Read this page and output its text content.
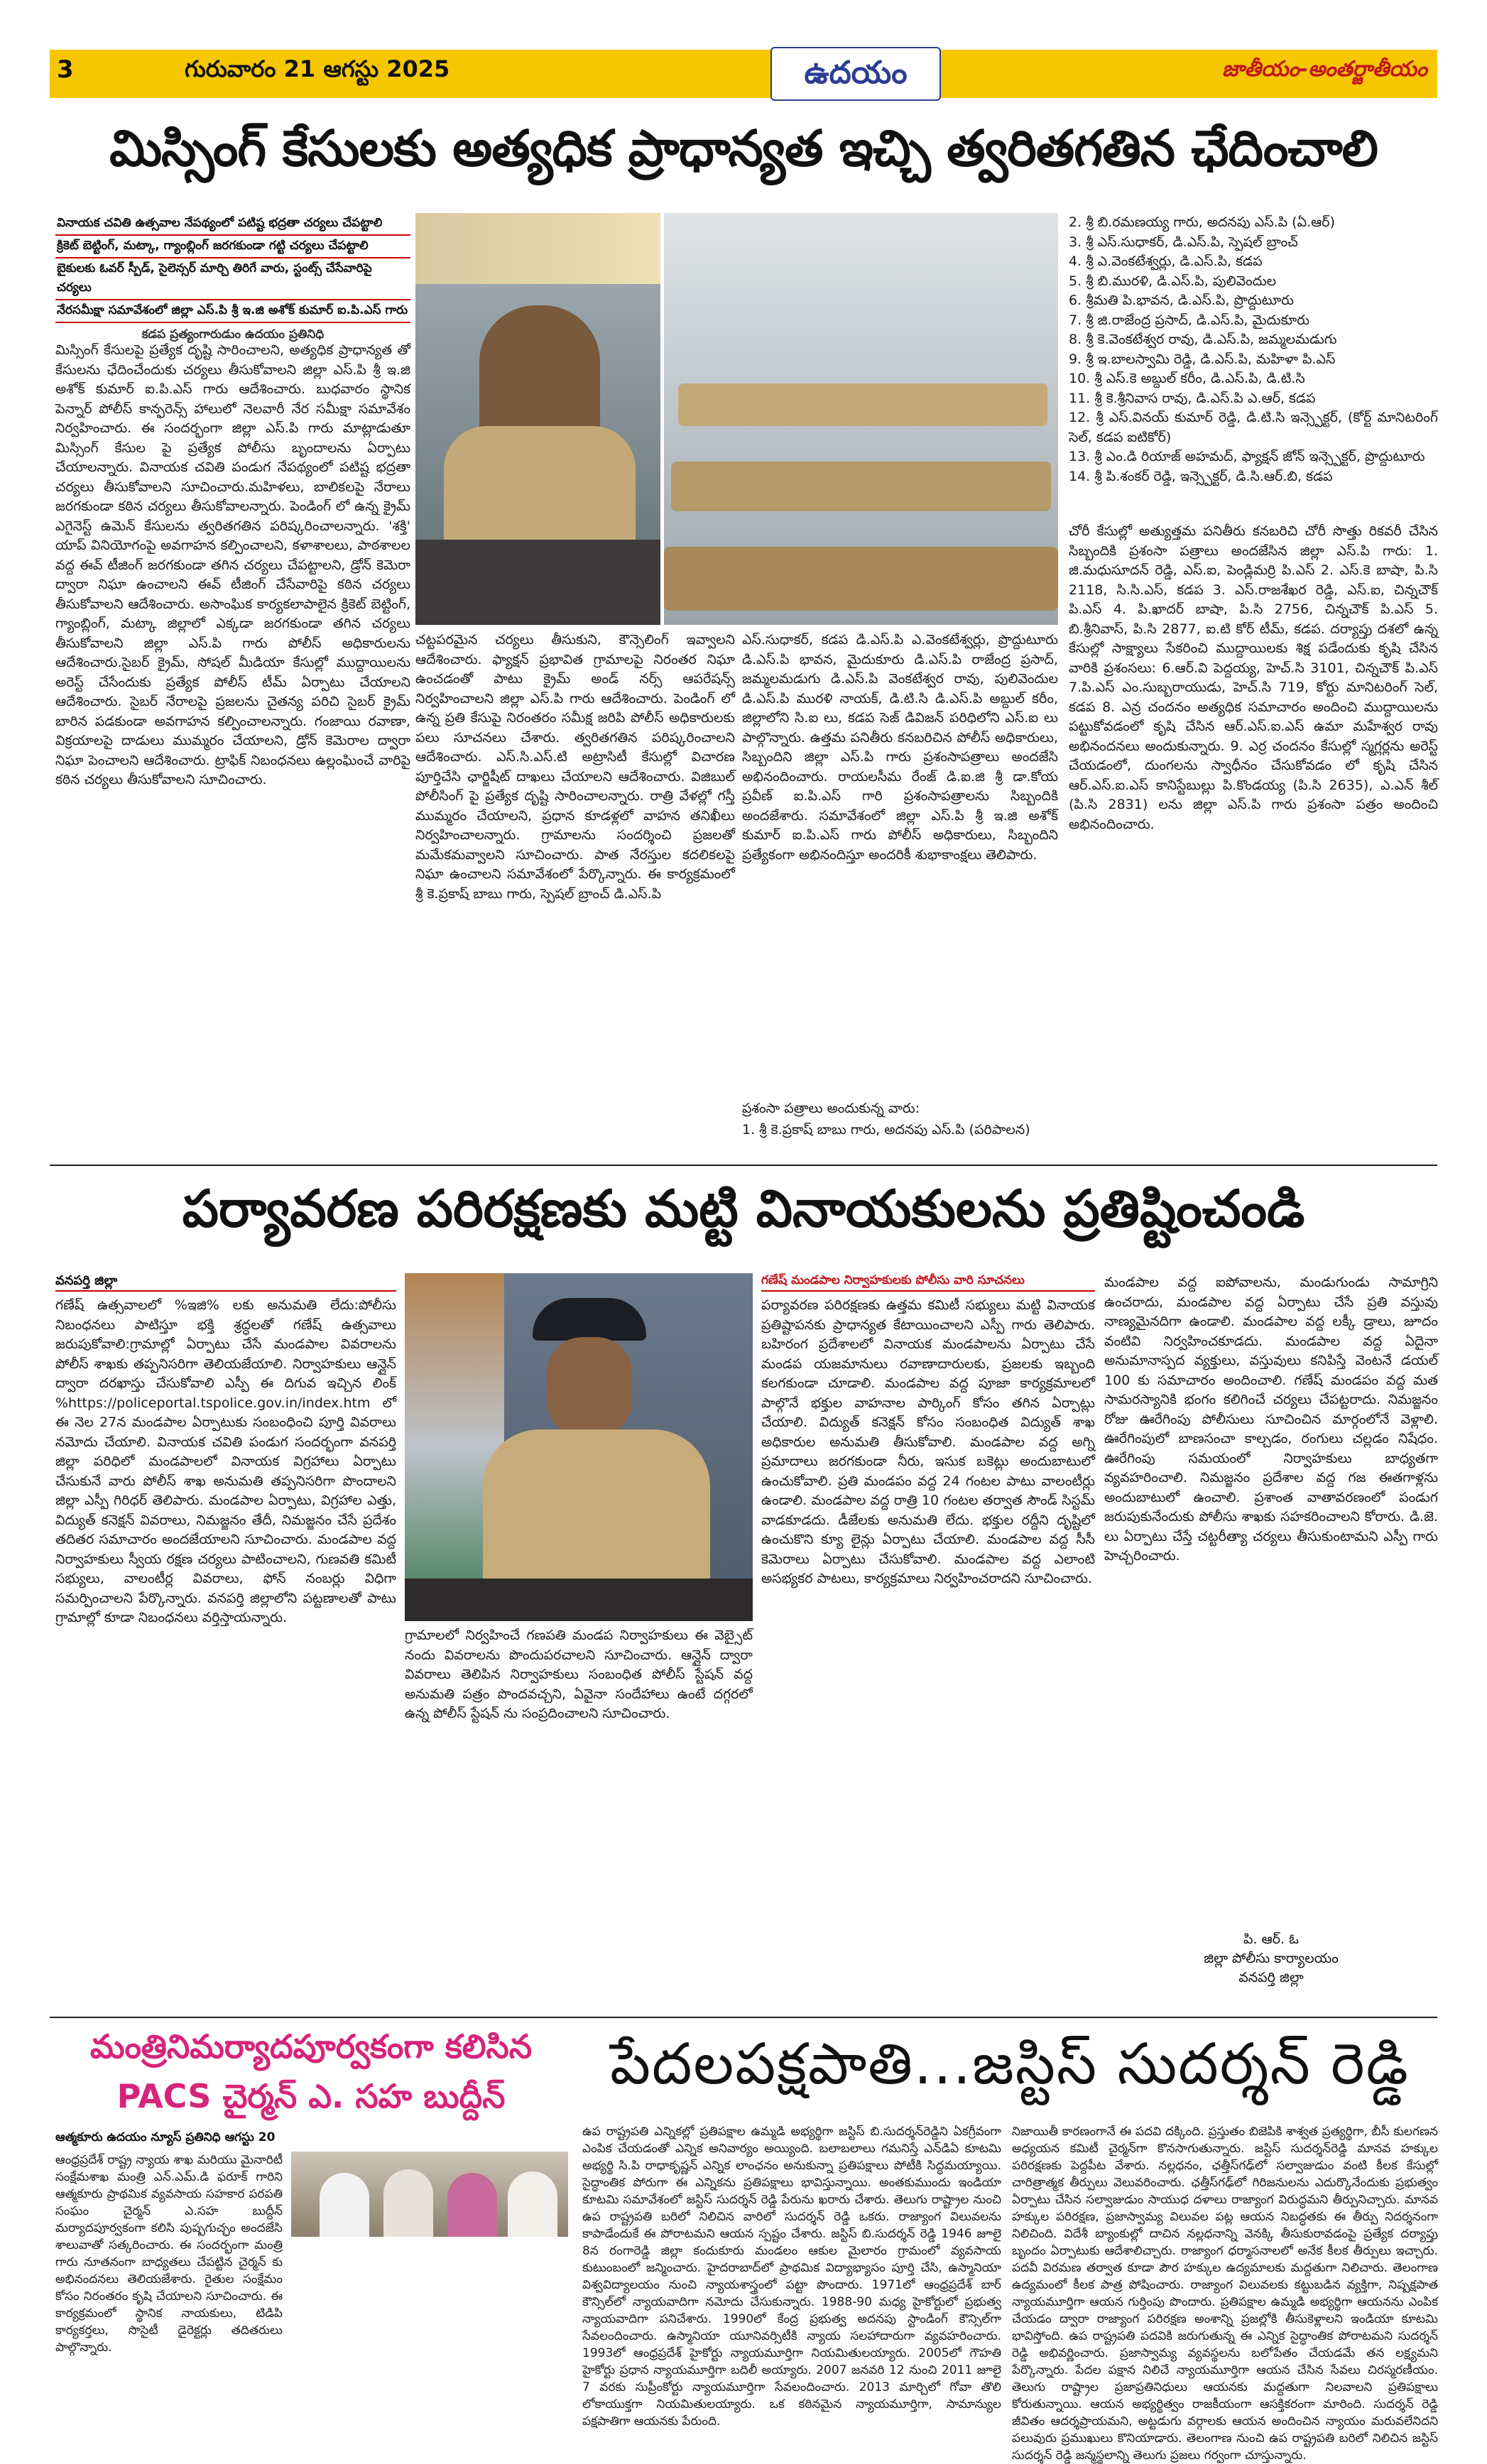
3	గురువారం 21 ఆగస్టు 2025	ఉదయం	జాతీయం-అంతర్జాతీయం
మిస్సింగ్ కేసులకు అత్యధిక ప్రాధాన్యత ఇచ్చి త్వరితగతిన ఛేదించాలి
వినాయక చవితి ఉత్సవాల నేపథ్యంలో పటిష్ట భద్రతా చర్యలు చేపట్టాలి
క్రికెట్ బెట్టింగ్, మట్కా, గ్యాంబ్లింగ్ జరగకుండా గట్టి చర్యలు చేపట్టాలి
బైకులకు ఓవర్ స్పీడ్, సైలెన్సర్ మార్చి తిరిగే వారు, స్టంట్స్ చేసేవారిపై చర్యలు
నేరసమీక్షా సమావేశంలో జిల్లా ఎస్.పి శ్రీ ఇ.జి అశోక్ కుమార్ ఐ.పి.ఎస్ గారు
కడప ప్రత్యంగారుడుం ఉదయం ప్రతినిధి
మిస్సింగ్ కేసులపై ప్రత్యేక దృష్టి సారించాలని, అత్యధిక ప్రాధాన్యత తో కేసులను ఛేదించేందుకు చర్యలు తీసుకోవాలని జిల్లా ఎస్.పి శ్రీ ఇ.జి అశోక్ కుమార్ ఐ.పి.ఎస్ గారు ఆదేశించారు. బుధవారం స్థానిక పెన్నార్ పోలీస్ కాన్ఫరెన్స్ హాలులో నెలవారీ నేర సమీక్షా సమావేశం నిర్వహించారు. ఈ సందర్భంగా జిల్లా ఎస్.పి గారు మాట్లాడుతూ మిస్సింగ్ కేసుల పై ప్రత్యేక పోలీసు బృందాలను ఏర్పాటు చేయాలన్నారు. వినాయక చవితి పండుగ నేపథ్యంలో పటిష్ట భద్రతా చర్యలు తీసుకోవాలని సూచించారు.మహిళలు, బాలికలపై నేరాలు జరగకుండా కఠిన చర్యలు తీసుకోవాలన్నారు. పెండింగ్ లో ఉన్న క్రైమ్ ఎగైనెస్ట్ ఉమెన్ కేసులను త్వరితగతిన పరిష్కరించాలన్నారు. 'శక్తి' యాప్ వినియోగంపై అవగాహన కల్పించాలని, కళాశాలలు, పాఠశాలల వద్ద ఈవ్ టీజింగ్ జరగకుండా తగిన చర్యలు చేపట్టాలని, డ్రోన్ కెమెరా ద్వారా నిఘా ఉంచాలని ఈవ్ టీజింగ్ చేసేవారిపై కఠిన చర్యలు తీసుకోవాలని ఆదేశించారు. అసాంఘిక కార్యకలాపాలైన క్రికెట్ బెట్టింగ్, గ్యాంబ్లింగ్, మట్కా జిల్లాలో ఎక్కడా జరగకుండా తగిన చర్యలు తీసుకోవాలని జిల్లా ఎస్.పి గారు పోలీస్ అధికారులను ఆదేశించారు.సైబర్ క్రైమ్, సోషల్ మీడియా కేసుల్లో ముద్దాయిలను అరెస్ట్ చేసేందుకు ప్రత్యేక పోలీస్ టీమ్ ఏర్పాటు చేయాలని ఆదేశించారు. సైబర్ నేరాలపై ప్రజలను చైతన్య పరిచి సైబర్ క్రైమ్ బారిన పడకుండా అవగాహన కల్పించాలన్నారు. గంజాయి రవాణా, విక్రయాలపై దాడులు ముమ్మరం చేయాలని, డ్రోన్ కెమెరాల ద్వారా నిఘా పెంచాలని ఆదేశించారు. ట్రాఫిక్ నిబంధనలు ఉల్లంఘించే వారిపై కఠిన చర్యలు తీసుకోవాలని సూచించారు.
చట్టపరమైన చర్యలు తీసుకుని, కౌన్సెలింగ్ ఇవ్వాలని ఆదేశించారు. ఫ్యాక్షన్ ప్రభావిత గ్రామాలపై నిరంతర నిఘా ఉంచడంతో పాటు క్రైమ్ అండ్ నర్స్ ఆపరేషన్స్ నిర్వహించాలని జిల్లా ఎస్.పి గారు ఆదేశించారు. పెండింగ్ లో ఉన్న ప్రతి కేసుపై నిరంతరం సమీక్ష జరిపి పోలీస్ అధికారులకు పలు సూచనలు చేశారు. త్వరితగతిన పరిష్కరించాలని ఆదేశించారు. ఎస్.సి.ఎస్.టి అట్రాసిటీ కేసుల్లో విచారణ పూర్తిచేసి ఛార్జిషీట్ దాఖలు చేయాలని ఆదేశించారు. విజిబుల్ పోలీసింగ్ పై ప్రత్యేక దృష్టి సారించాలన్నారు. రాత్రి వేళల్లో గస్తీ ముమ్మరం చేయాలని, ప్రధాన కూడళ్లలో వాహన తనిఖీలు నిర్వహించాలన్నారు. గ్రామాలను సందర్శించి ప్రజలతో మమేకమవ్వాలని సూచించారు. పాత నేరస్తుల కదలికలపై నిఘా ఉంచాలని సమావేశంలో పేర్కొన్నారు. ఈ కార్యక్రమంలో శ్రీ కె.ప్రకాష్ బాబు గారు, స్పెషల్ బ్రాంచ్ డి.ఎస్.పి
ఎస్.సుధాకర్, కడప డి.ఎస్.పి ఎ.వెంకటేశ్వర్లు, ప్రొద్దుటూరు డి.ఎస్.పి భావన, మైదుకూరు డి.ఎస్.పి రాజేంద్ర ప్రసాద్, జమ్మలమడుగు డి.ఎస్.పి వెంకటేశ్వర రావు, పులివెందుల డి.ఎస్.పి మురళి నాయక్, డి.టి.సి డి.ఎస్.పి అబ్దుల్ కరీం, జిల్లాలోని సి.ఐ లు, కడప సెజ్ డివిజన్ పరిధిలోని ఎస్.ఐ లు పాల్గొన్నారు. ఉత్తమ పనితీరు కనబరిచిన పోలీస్ అధికారులు, సిబ్బందిని జిల్లా ఎస్.పి గారు ప్రశంసాపత్రాలు అందజేసి అభినందించారు. రాయలసీమ రేంజ్ డి.ఐ.జి శ్రీ డా.కోయ ప్రవీణ్ ఐ.పి.ఎస్ గారి ప్రశంసాపత్రాలను సిబ్బందికి అందజేశారు. సమావేశంలో జిల్లా ఎస్.పి శ్రీ ఇ.జి అశోక్ కుమార్ ఐ.పి.ఎస్ గారు పోలీస్ అధికారులు, సిబ్బందిని ప్రత్యేకంగా అభినందిస్తూ అందరికీ శుభాకాంక్షలు తెలిపారు.
ప్రశంసా పత్రాలు అందుకున్న వారు:
1. శ్రీ కె.ప్రకాష్ బాబు గారు, అదనపు ఎస్.పి (పరిపాలన)
2. శ్రీ బి.రమణయ్య గారు, అదనపు ఎస్.పి (ఏ.ఆర్)
3. శ్రీ ఎస్.సుధాకర్, డి.ఎస్.పి, స్పెషల్ బ్రాంచ్
4. శ్రీ ఎ.వెంకటేశ్వర్లు, డి.ఎస్.పి, కడప
5. శ్రీ బి.మురళి, డి.ఎస్.పి, పులివెందుల
6. శ్రీమతి పి.భావన, డి.ఎస్.పి, ప్రొద్దుటూరు
7. శ్రీ జి.రాజేంద్ర ప్రసాద్, డి.ఎస్.పి, మైదుకూరు
8. శ్రీ కె.వెంకటేశ్వర రావు, డి.ఎస్.పి, జమ్మలమడుగు
9. శ్రీ ఇ.బాలస్వామి రెడ్డి, డి.ఎస్.పి, మహిళా పి.ఎస్
10. శ్రీ ఎస్.కె అబ్దుల్ కరీం, డి.ఎస్.పి, డి.టి.సి
11. శ్రీ కె.శ్రీనివాస రావు, డి.ఎస్.పి ఎ.ఆర్, కడప
12. శ్రీ ఎస్.వినయ్ కుమార్ రెడ్డి, డి.టి.సి ఇన్స్పెక్టర్, (కోర్ట్ మానిటరింగ్ సెల్, కడప ఐటికోర్)
13. శ్రీ ఎం.డి రియాజ్ అహమద్, ఫ్యాక్షన్ జోన్ ఇన్స్పెక్టర్, ప్రొద్దుటూరు
14. శ్రీ పి.శంకర్ రెడ్డి, ఇన్స్పెక్టర్, డి.సి.ఆర్.బి, కడప
చోరీ కేసుల్లో అత్యుత్తమ పనితీరు కనబరిచి చోరీ సొత్తు రికవరీ చేసిన సిబ్బందికి ప్రశంసా పత్రాలు అందజేసిన జిల్లా ఎస్.పి గారు: 1. జి.మధుసూదన్ రెడ్డి, ఎస్.ఐ, పెండ్లిమర్రి పి.ఎస్ 2. ఎస్.కె బాషా, పి.సి 2118, సి.సి.ఎస్, కడప 3. ఎస్.రాజశేఖర రెడ్డి, ఎస్.ఐ, చిన్నచౌక్ పి.ఎస్ 4. పి.ఖాదర్ బాషా, పి.సి 2756, చిన్నచౌక్ పి.ఎస్ 5. బి.శ్రీనివాస్, పి.సి 2877, ఐ.టి కోర్ టీమ్, కడప. దర్యాప్తు దశలో ఉన్న కేసుల్లో సాక్ష్యాలు సేకరించి ముద్దాయిలకు శిక్ష పడేందుకు కృషి చేసిన వారికి ప్రశంసలు: 6.ఆర్.వి పెద్దయ్య, హెచ్.సి 3101, చిన్నచౌక్ పి.ఎస్ 7.పి.ఎస్ ఎం.సుబ్బరాయుడు, హెచ్.సి 719, కోర్టు మానిటరింగ్ సెల్, కడప 8. ఎన్ర చందనం అత్యధిక సమాచారం అందించి ముద్దాయిలను పట్టుకోవడంలో కృషి చేసిన ఆర్.ఎస్.ఐ.ఎస్ ఉమా మహేశ్వర రావు అభినందనలు అందుకున్నారు. 9. ఎర్ర చందనం కేసుల్లో స్మగ్లర్లను అరెస్ట్ చేయడంలో, దుంగలను స్వాధీనం చేసుకోవడం లో కృషి చేసిన ఆర్.ఎస్.ఐ.ఎస్ కానిస్టేబుల్లు పి.కొండయ్య (పి.సి 2635), ఎ.ఎన్ శీల్ (పి.సి 2831) లను జిల్లా ఎస్.పి గారు ప్రశంసా పత్రం అందించి అభినందించారు.
పర్యావరణ పరిరక్షణకు మట్టి వినాయకులను ప్రతిష్టించండి
వనపర్తి జిల్లా
గణేష్ ఉత్సవాలలో %ఇజి% లకు అనుమతి లేదు:పోలీసు నిబంధనలు పాటిస్తూ భక్తి శ్రద్ధలతో గణేష్ ఉత్సవాలు జరుపుకోవాలి:గ్రామాల్లో ఏర్పాటు చేసే మండపాల వివరాలను పోలీస్ శాఖకు తప్పనిసరిగా తెలియజేయాలి. నిర్వాహకులు ఆన్లైన్ ద్వారా దరఖాస్తు చేసుకోవాలి ఎస్పీ ఈ దిగువ ఇచ్చిన లింక్ %https://policeportal.tspolice.gov.in/index.htm లో ఈ నెల 27న మండపాల ఏర్పాటుకు సంబంధించి పూర్తి వివరాలు నమోదు చేయాలి. వినాయక చవితి పండుగ సందర్భంగా వనపర్తి జిల్లా పరిధిలో మండపాలలో వినాయక విగ్రహాలు ఏర్పాటు చేసుకునే వారు పోలీస్ శాఖ అనుమతి తప్పనిసరిగా పొందాలని జిల్లా ఎస్పీ గిరిధర్ తెలిపారు. మండపాల ఏర్పాటు, విగ్రహాల ఎత్తు, విద్యుత్ కనెక్షన్ వివరాలు, నిమజ్జనం తేదీ, నిమజ్జనం చేసే ప్రదేశం తదితర సమాచారం అందజేయాలని సూచించారు. మండపాల వద్ద నిర్వాహకులు స్వీయ రక్షణ చర్యలు పాటించాలని, గుణవతి కమిటీ సభ్యులు, వాలంటీర్ల వివరాలు, ఫోన్ నంబర్లు విధిగా సమర్పించాలని పేర్కొన్నారు. వనపర్తి జిల్లాలోని పట్టణాలతో పాటు గ్రామాల్లో కూడా నిబంధనలు వర్తిస్తాయన్నారు.
గ్రామాలలో నిర్వహించే గణపతి మండప నిర్వాహకులు ఈ వెబ్సైట్ నందు వివరాలను పొందుపరచాలని సూచించారు. ఆన్లైన్ ద్వారా వివరాలు తెలిపిన నిర్వాహకులు సంబంధిత పోలీస్ స్టేషన్ వద్ద అనుమతి పత్రం పొందవచ్చని, ఏవైనా సందేహాలు ఉంటే దగ్గరలో ఉన్న పోలీస్ స్టేషన్ ను సంప్రదించాలని సూచించారు.
గణేష్ మండపాల నిర్వాహకులకు పోలీసు వారి సూచనలు
పర్యావరణ పరిరక్షణకు ఉత్తమ కమిటీ సభ్యులు మట్టి వినాయక ప్రతిష్టాపనకు ప్రాధాన్యత కేటాయించాలని ఎస్పీ గారు తెలిపారు. బహిరంగ ప్రదేశాలలో వినాయక మండపాలను ఏర్పాటు చేసే మండప యజమానులు రవాణాదారులకు, ప్రజలకు ఇబ్బంది కలగకుండా చూడాలి. మండపాల వద్ద పూజా కార్యక్రమాలలో పాల్గొనే భక్తుల వాహనాల పార్కింగ్ కోసం తగిన ఏర్పాట్లు చేయాలి. విద్యుత్ కనెక్షన్ కోసం సంబంధిత విద్యుత్ శాఖ అధికారుల అనుమతి తీసుకోవాలి. మండపాల వద్ద అగ్ని ప్రమాదాలు జరగకుండా నీరు, ఇసుక బకెట్లు అందుబాటులో ఉంచుకోవాలి. ప్రతి మండపం వద్ద 24 గంటల పాటు వాలంటీర్లు ఉండాలి. మండపాల వద్ద రాత్రి 10 గంటల తర్వాత సౌండ్ సిస్టమ్ వాడకూడదు. డీజేలకు అనుమతి లేదు. భక్తుల రద్దీని దృష్టిలో ఉంచుకొని క్యూ లైన్లు ఏర్పాటు చేయాలి. మండపాల వద్ద సీసీ కెమెరాలు ఏర్పాటు చేసుకోవాలి. మండపాల వద్ద ఎలాంటి అసభ్యకర పాటలు, కార్యక్రమాలు నిర్వహించరాదని సూచించారు.
మండపాల వద్ద ఐపోవాలను, మండుగుండు సామాగ్రిని ఉంచరాదు, మండపాల వద్ద ఏర్పాటు చేసే ప్రతి వస్తువు నాణ్యమైనదిగా ఉండాలి. మండపాల వద్ద లక్కీ డ్రాలు, జూదం వంటివి నిర్వహించకూడదు. మండపాల వద్ద ఏదైనా అనుమానాస్పద వ్యక్తులు, వస్తువులు కనిపిస్తే వెంటనే డయల్ 100 కు సమాచారం అందించాలి. గణేష్ మండపం వద్ద మత సామరస్యానికి భంగం కలిగించే చర్యలు చేపట్టరాదు. నిమజ్జనం రోజు ఊరేగింపు పోలీసులు సూచించిన మార్గంలోనే వెళ్లాలి. ఊరేగింపులో బాణసంచా కాల్చడం, రంగులు చల్లడం నిషేధం. ఊరేగింపు సమయంలో నిర్వాహకులు బాధ్యతగా వ్యవహరించాలి. నిమజ్జనం ప్రదేశాల వద్ద గజ ఈతగాళ్లను అందుబాటులో ఉంచాలి. ప్రశాంత వాతావరణంలో పండుగ జరుపుకునేందుకు పోలీసు శాఖకు సహకరించాలని కోరారు. డి.జె. లు ఏర్పాటు చేస్తే చట్టరీత్యా చర్యలు తీసుకుంటామని ఎస్పీ గారు హెచ్చరించారు.
పి. ఆర్. ఓ
జిల్లా పోలీసు కార్యాలయం
వనపర్తి జిల్లా
మంత్రినిమర్యాదపూర్వకంగా కలిసిన
PACS చైర్మన్ ఎ. సహ బుద్దీన్	పేదలపక్షపాతి...జస్టిస్ సుదర్శన్ రెడ్డి
ఆత్మకూరు ఉదయం న్యూస్ ప్రతినిధి ఆగస్టు 20
ఆంధ్రప్రదేశ్ రాష్ట్ర న్యాయ శాఖ మరియు మైనారిటీ సంక్షేమశాఖ మంత్రి ఎన్.ఎమ్.డి ఫరూక్ గారిని ఆత్మకూరు ప్రాథమిక వ్యవసాయ సహకార పరపతి సంఘం చైర్మన్ ఎ.సహ బుద్దీన్ మర్యాదపూర్వకంగా కలిసి పుష్పగుచ్ఛం అందజేసి శాలువాతో సత్కరించారు. ఈ సందర్భంగా మంత్రి గారు నూతనంగా బాధ్యతలు చేపట్టిన చైర్మన్ కు అభినందనలు తెలియజేశారు. రైతుల సంక్షేమం కోసం నిరంతరం కృషి చేయాలని సూచించారు. ఈ కార్యక్రమంలో స్థానిక నాయకులు, టిడిపి కార్యకర్తలు, సొసైటీ డైరెక్టర్లు తదితరులు పాల్గొన్నారు.
ఉప రాష్ట్రపతి ఎన్నికల్లో ప్రతిపక్షాల ఉమ్మడి అభ్యర్థిగా జస్టిస్ బి.సుదర్శన్‌రెడ్డిని ఏకగ్రీవంగా ఎంపిక చేయడంతో ఎన్నిక అనివార్యం అయ్యింది. బలాబలాలు గమనిస్తే ఎన్‌డిఏ కూటమి అభ్యర్థి సి.పి రాధాకృష్ణన్ ఎన్నిక లాంఛనం అనుకున్నా ప్రతిపక్షాలు పోటీకి సిద్ధమయ్యాయి. సైద్ధాంతిక పోరుగా ఈ ఎన్నికను ప్రతిపక్షాలు భావిస్తున్నాయి. అంతకుముందు ఇండియా కూటమి సమావేశంలో జస్టిస్ సుదర్శన్ రెడ్డి పేరును ఖరారు చేశారు. తెలుగు రాష్ట్రాల నుంచి ఉప రాష్ట్రపతి బరిలో నిలిచిన వారిలో సుదర్శన్ రెడ్డి ఒకరు. రాజ్యాంగ విలువలను కాపాడేందుకే ఈ పోరాటమని ఆయన స్పష్టం చేశారు. జస్టిస్ బి.సుదర్శన్ రెడ్డి 1946 జూలై 8న రంగారెడ్డి జిల్లా కందుకూరు మండలం ఆకుల మైలారం గ్రామంలో వ్యవసాయ కుటుంబంలో జన్మించారు. హైదరాబాద్‌లో ప్రాథమిక విద్యాభ్యాసం పూర్తి చేసి, ఉస్మానియా విశ్వవిద్యాలయం నుంచి న్యాయశాస్త్రంలో పట్టా పొందారు. 1971లో ఆంధ్రప్రదేశ్ బార్ కౌన్సిల్‌లో న్యాయవాదిగా నమోదు చేసుకున్నారు. 1988-90 మధ్య హైకోర్టులో ప్రభుత్వ న్యాయవాదిగా పనిచేశారు. 1990లో కేంద్ర ప్రభుత్వ అదనపు స్టాండింగ్ కౌన్సిల్‌గా సేవలందించారు. ఉస్మానియా యూనివర్సిటీకి న్యాయ సలహాదారుగా వ్యవహరించారు. 1993లో ఆంధ్రప్రదేశ్ హైకోర్టు న్యాయమూర్తిగా నియమితులయ్యారు. 2005లో గౌహతి హైకోర్టు ప్రధాన న్యాయమూర్తిగా బదిలీ అయ్యారు. 2007 జనవరి 12 నుంచి 2011 జూలై 7 వరకు సుప్రీంకోర్టు న్యాయమూర్తిగా సేవలందించారు. 2013 మార్చిలో గోవా తొలి లోకాయుక్తగా నియమితులయ్యారు. ఒక కఠినమైన న్యాయమూర్తిగా, సామాన్యుల పక్షపాతిగా ఆయనకు పేరుంది.
నిజాయితీ కారణంగానే ఈ పదవి దక్కింది. ప్రస్తుతం బిజెపికి శాశ్వత ప్రత్యర్థిగా, బీసీ కులగణన అధ్యయన కమిటీ చైర్మన్‌గా కొనసాగుతున్నారు. జస్టిస్ సుదర్శన్‌రెడ్డి మానవ హక్కుల పరిరక్షణకు పెద్దపీట వేశారు. నల్లధనం, ఛత్తీస్‌గఢ్‌లో సల్వాజుడుం వంటి కీలక కేసుల్లో చారిత్రాత్మక తీర్పులు వెలువరించారు. ఛత్తీస్‌గఢ్‌లో గిరిజనులను ఎదుర్కొనేందుకు ప్రభుత్వం ఏర్పాటు చేసిన సల్వాజుడుం సాయుధ దళాలు రాజ్యాంగ విరుద్ధమని తీర్పునిచ్చారు. మానవ హక్కుల పరిరక్షణ, ప్రజాస్వామ్య విలువల పట్ల ఆయన నిబద్ధతకు ఈ తీర్పు నిదర్శనంగా నిలిచింది. విదేశీ బ్యాంకుల్లో దాచిన నల్లధనాన్ని వెనక్కి తీసుకురావడంపై ప్రత్యేక దర్యాప్తు బృందం ఏర్పాటుకు ఆదేశాలిచ్చారు. రాజ్యాంగ ధర్మాసనాలలో అనేక కీలక తీర్పులు ఇచ్చారు. పదవీ విరమణ తర్వాత కూడా పౌర హక్కుల ఉద్యమాలకు మద్దతుగా నిలిచారు. తెలంగాణ ఉద్యమంలో కీలక పాత్ర పోషించారు. రాజ్యాంగ విలువలకు కట్టుబడిన వ్యక్తిగా, నిష్పక్షపాత న్యాయమూర్తిగా ఆయన గుర్తింపు పొందారు. ప్రతిపక్షాల ఉమ్మడి అభ్యర్థిగా ఆయనను ఎంపిక చేయడం ద్వారా రాజ్యాంగ పరిరక్షణ అంశాన్ని ప్రజల్లోకి తీసుకెళ్లాలని ఇండియా కూటమి భావిస్తోంది. ఉప రాష్ట్రపతి పదవికి జరుగుతున్న ఈ ఎన్నిక సైద్ధాంతిక పోరాటమని సుదర్శన్ రెడ్డి అభివర్ణించారు. ప్రజాస్వామ్య వ్యవస్థలను బలోపేతం చేయడమే తన లక్ష్యమని పేర్కొన్నారు. పేదల పక్షాన నిలిచే న్యాయమూర్తిగా ఆయన చేసిన సేవలు చిరస్మరణీయం. తెలుగు రాష్ట్రాల ప్రజాప్రతినిధులు ఆయనకు మద్దతుగా నిలవాలని ప్రతిపక్షాలు కోరుతున్నాయి. ఆయన అభ్యర్థిత్వం రాజకీయంగా ఆసక్తికరంగా మారింది. సుదర్శన్ రెడ్డి జీవితం ఆదర్శప్రాయమని, అట్టడుగు వర్గాలకు ఆయన అందించిన న్యాయం మరువలేనిదని పలువురు ప్రముఖులు కొనియాడారు. తెలంగాణ నుంచి ఉప రాష్ట్రపతి బరిలో నిలిచిన జస్టిస్ సుదర్శన్ రెడ్డి జన్మస్థలాన్ని తెలుగు ప్రజలు గర్వంగా చూస్తున్నారు.
